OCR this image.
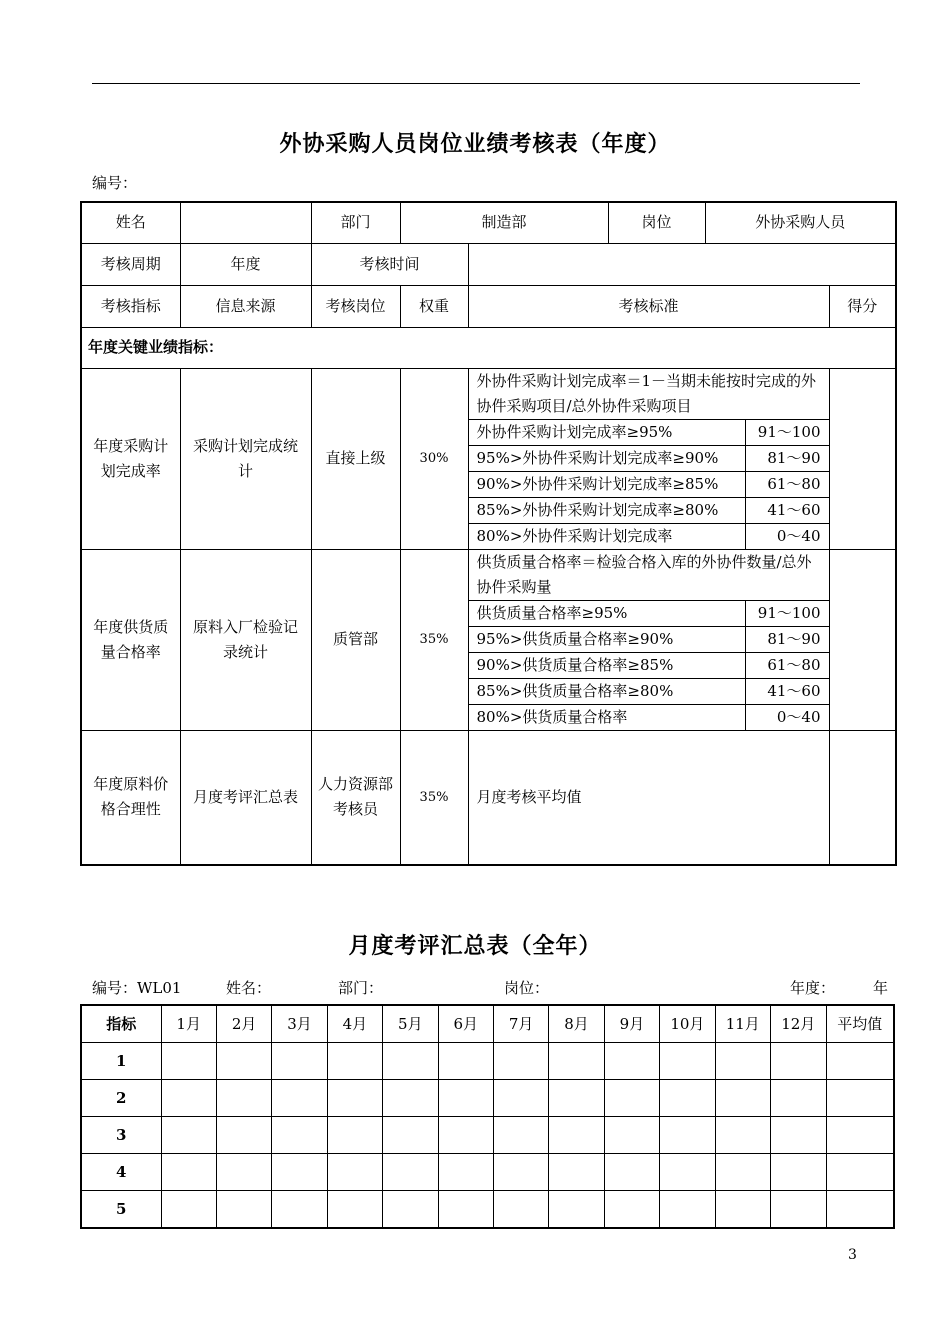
外协采购人员岗位业绩考核表（年度）
编号：
姓名		部门	制造部	岗位	外协采购人员
考核周期	年度	考核时间	
考核指标	信息来源	考核岗位	权重	考核标准	得分
年度关键业绩指标：
年度采购计划完成率	采购计划完成统计	直接上级	30%	
外协件采购计划完成率＝1－当期未能按时完成的外协件采购项目/总外协件采购项目
外协件采购计划完成率≥95%	91～100
95%>外协件采购计划完成率≥90%	81～90
90%>外协件采购计划完成率≥85%	61～80
85%>外协件采购计划完成率≥80%	41～60
80%>外协件采购计划完成率	0～40

年度供货质量合格率	原料入厂检验记录统计	质管部	35%	
供货质量合格率＝检验合格入库的外协件数量/总外协件采购量
供货质量合格率≥95%	91～100
95%>供货质量合格率≥90%	81～90
90%>供货质量合格率≥85%	61～80
85%>供货质量合格率≥80%	41～60
80%>供货质量合格率	0～40

年度原料价格合理性	月度考评汇总表	人力资源部考核员	35%	月度考核平均值	
月度考评汇总表（全年）
编号：WL01	姓名：	部门：	岗位：	年度：	年
指标	1月	2月	3月	4月	5月	6月	7月	8月	9月	10月	11月	12月	平均值
1													
2													
3													
4													
5													
3
